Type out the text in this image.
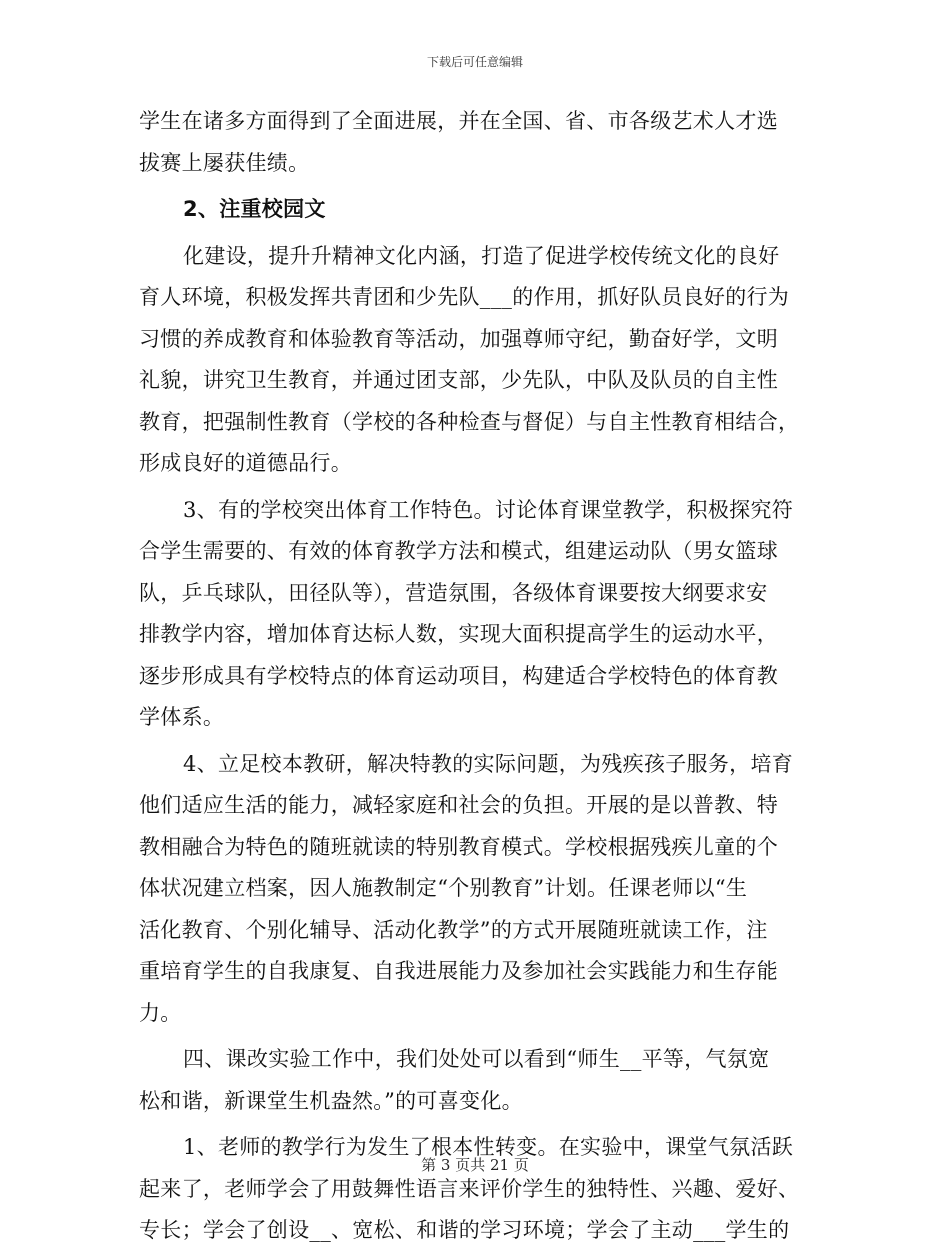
下载后可任意编辑
学生在诸多方面得到了全面进展，并在全国、省、市各级艺术人才选
拔赛上屡获佳绩。
2、注重校园文
化建设，提升升精神文化内涵，打造了促进学校传统文化的良好
育人环境，积极发挥共青团和少先队___的作用，抓好队员良好的行为
习惯的养成教育和体验教育等活动，加强尊师守纪，勤奋好学，文明
礼貌，讲究卫生教育，并通过团支部，少先队，中队及队员的自主性
教育，把强制性教育（学校的各种检查与督促）与自主性教育相结合，
形成良好的道德品行。
3、有的学校突出体育工作特色。讨论体育课堂教学，积极探究符
合学生需要的、有效的体育教学方法和模式，组建运动队（男女篮球
队，乒乓球队，田径队等），营造氛围，各级体育课要按大纲要求安
排教学内容，增加体育达标人数，实现大面积提高学生的运动水平，
逐步形成具有学校特点的体育运动项目，构建适合学校特色的体育教
学体系。
4、立足校本教研，解决特教的实际问题，为残疾孩子服务，培育
他们适应生活的能力，减轻家庭和社会的负担。开展的是以普教、特
教相融合为特色的随班就读的特别教育模式。学校根据残疾儿童的个
体状况建立档案，因人施教制定“个别教育”计划。任课老师以“生
活化教育、个别化辅导、活动化教学”的方式开展随班就读工作，注
重培育学生的自我康复、自我进展能力及参加社会实践能力和生存能
力。
四、课改实验工作中，我们处处可以看到“师生__平等，气氛宽
松和谐，新课堂生机盎然。”的可喜变化。
1、老师的教学行为发生了根本性转变。在实验中，课堂气氛活跃
起来了，老师学会了用鼓舞性语言来评价学生的独特性、兴趣、爱好、
专长；学会了创设__、宽松、和谐的学习环境；学会了主动___学生的
第 3 页共 21 页
